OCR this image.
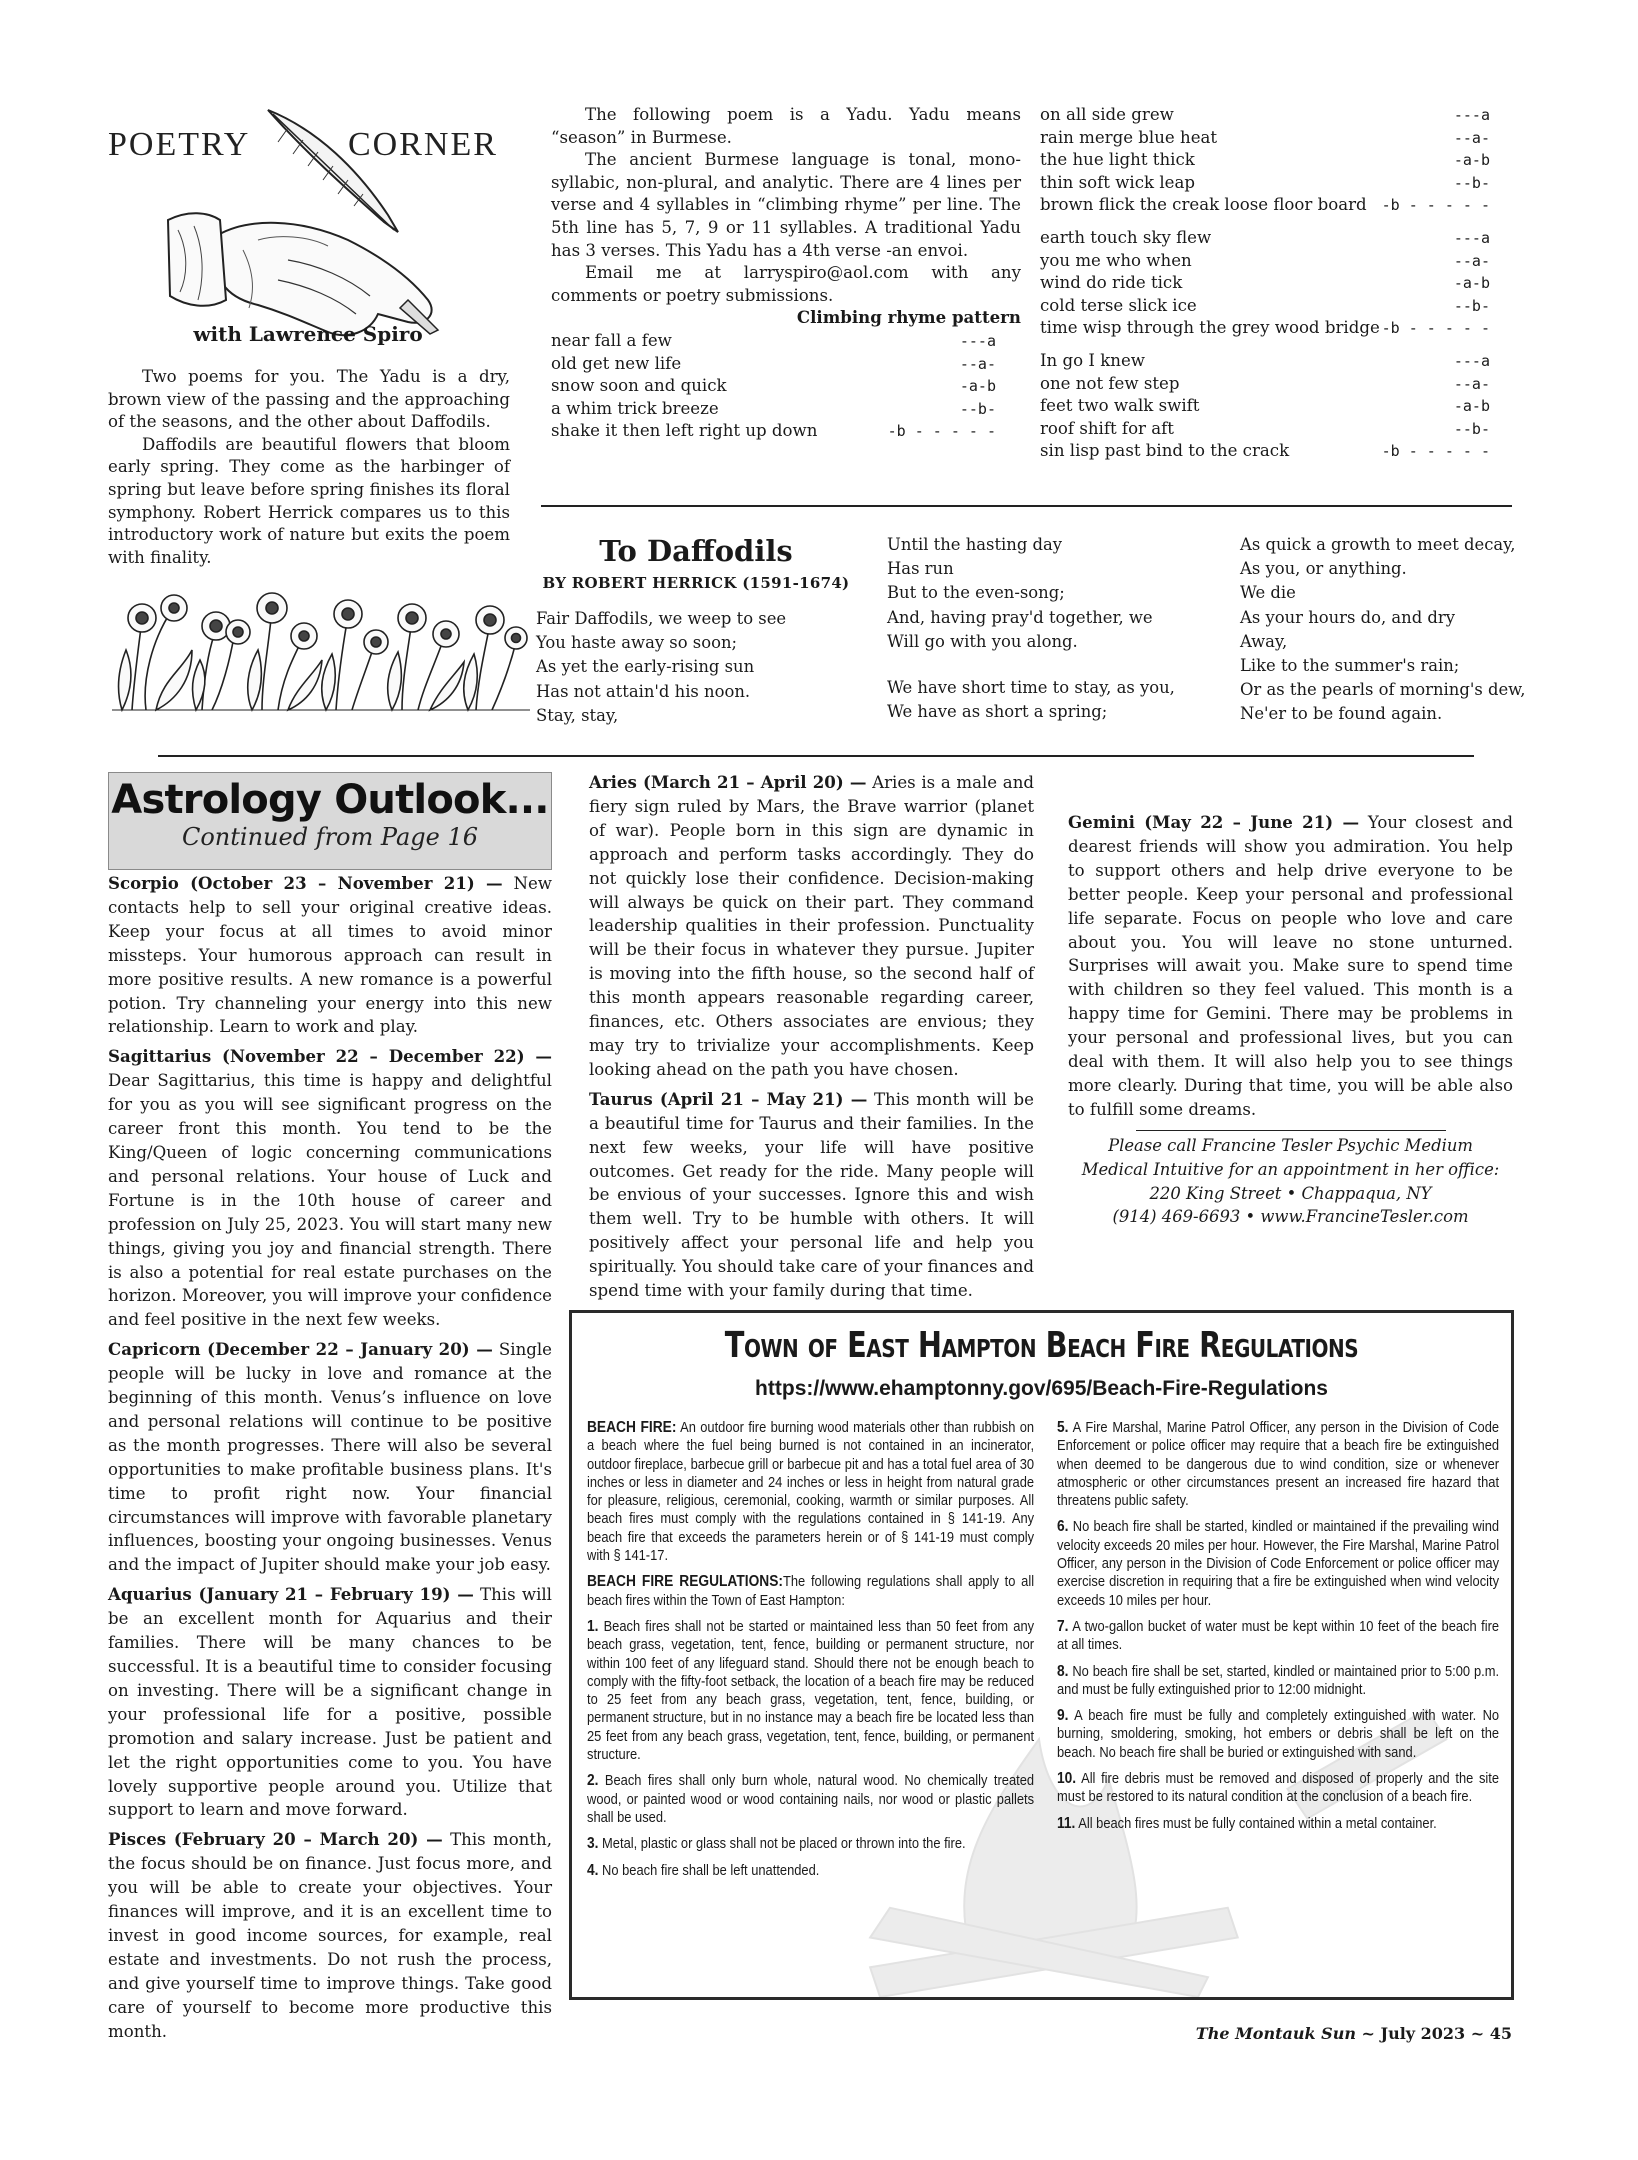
POETRY	CORNER
with Lawrence Spiro

Two poems for you. The Yadu is a dry, brown view of the passing and the approaching of the seasons, and the other about Daffodils.

Daffodils are beautiful flowers that bloom early spring. They come as the harbinger of spring but leave before spring finishes its floral symphony. Robert Herrick compares us to this introductory work of nature but exits the poem with finality.

The following poem is a Yadu. Yadu means “season” in Burmese.

The ancient Burmese language is tonal, mono-syllabic, non-plural, and analytic. There are 4 lines per verse and 4 syllables in “climbing rhyme” per line. The 5th line has 5, 7, 9 or 11 syllables. A traditional Yadu has 3 verses. This Yadu has a 4th verse -an envoi.

Email me at larryspiro@aol.com with any comments or poetry submissions.

Climbing rhyme pattern
near fall a few	---a
old get new life	--a-
snow soon and quick	-a-b
a whim trick breeze	--b-
shake it then left right up down	-b - - - - -
on all side grew	---a
rain merge blue heat	--a-
the hue light thick	-a-b
thin soft wick leap	--b-
brown flick the creak loose floor board -b - - - - -
earth touch sky flew	---a
you me who when	--a-
wind do ride tick	-a-b
cold terse slick ice	--b-
time wisp through the grey wood bridge -b - - - - -
In go I knew	---a
one not few step	--a-
feet two walk swift	-a-b
roof shift for aft	--b-
sin lisp past bind to the crack	-b - - - - -
To Daffodils
BY ROBERT HERRICK (1591-1674)
Fair Daffodils, we weep to see
You haste away so soon;
As yet the early-rising sun
Has not attain'd his noon.
Stay, stay,
Until the hasting day
Has run
But to the even-song;
And, having pray'd together, we
Will go with you along.
We have short time to stay, as you,
We have as short a spring;
As quick a growth to meet decay,
As you, or anything.
We die
As your hours do, and dry
Away,
Like to the summer's rain;
Or as the pearls of morning's dew,
Ne'er to be found again.
Astrology Outlook...
Continued from Page 16

Scorpio (October 23 – November 21) — New contacts help to sell your original creative ideas. Keep your focus at all times to avoid minor missteps. Your humorous approach can result in more positive results. A new romance is a powerful potion. Try channeling your energy into this new relationship. Learn to work and play.

Sagittarius (November 22 – December 22) — Dear Sagittarius, this time is happy and delightful for you as you will see significant progress on the career front this month. You tend to be the King/Queen of logic concerning communications and personal relations. Your house of Luck and Fortune is in the 10th house of career and profession on July 25, 2023. You will start many new things, giving you joy and financial strength. There is also a potential for real estate purchases on the horizon. Moreover, you will improve your confidence and feel positive in the next few weeks.

Capricorn (December 22 – January 20) — Single people will be lucky in love and romance at the beginning of this month. Venus’s influence on love and personal relations will continue to be positive as the month progresses. There will also be several opportunities to make profitable business plans. It's time to profit right now. Your financial circumstances will improve with favorable planetary influences, boosting your ongoing businesses. Venus and the impact of Jupiter should make your job easy.

Aquarius (January 21 – February 19) — This will be an excellent month for Aquarius and their families. There will be many chances to be successful. It is a beautiful time to consider focusing on investing. There will be a significant change in your professional life for a positive, possible promotion and salary increase. Just be patient and let the right opportunities come to you. You have lovely supportive people around you. Utilize that support to learn and move forward.

Pisces (February 20 – March 20) — This month, the focus should be on finance. Just focus more, and you will be able to create your objectives. Your finances will improve, and it is an excellent time to invest in good income sources, for example, real estate and investments. Do not rush the process, and give yourself time to improve things. Take good care of yourself to become more productive this month.

Aries (March 21 – April 20) — Aries is a male and fiery sign ruled by Mars, the Brave warrior (planet of war). People born in this sign are dynamic in approach and perform tasks accordingly. They do not quickly lose their confidence. Decision-making will always be quick on their part. They command leadership qualities in their profession. Punctuality will be their focus in whatever they pursue. Jupiter is moving into the fifth house, so the second half of this month appears reasonable regarding career, finances, etc. Others associates are envious; they may try to trivialize your accomplishments. Keep looking ahead on the path you have chosen.

Taurus (April 21 – May 21) — This month will be a beautiful time for Taurus and their families. In the next few weeks, your life will have positive outcomes. Get ready for the ride. Many people will be envious of your successes. Ignore this and wish them well. Try to be humble with others. It will positively affect your personal life and help you spiritually. You should take care of your finances and spend time with your family during that time.

Gemini (May 22 – June 21) — Your closest and dearest friends will show you admiration. You help to support others and help drive everyone to be better people. Keep your personal and professional life separate. Focus on people who love and care about you. You will leave no stone unturned. Surprises will await you. Make sure to spend time with children so they feel valued. This month is a happy time for Gemini. There may be problems in your personal and professional lives, but you can deal with them. It will also help you to see things more clearly. During that time, you will be able also to fulfill some dreams.

Please call Francine Tesler Psychic Medium
Medical Intuitive for an appointment in her office:
220 King Street • Chappaqua, NY
(914) 469-6693 • www.FrancineTesler.com
Town of East Hampton Beach Fire Regulations
https://www.ehamptonny.gov/695/Beach-Fire-Regulations

BEACH FIRE: An outdoor fire burning wood materials other than rubbish on a beach where the fuel being burned is not contained in an incinerator, outdoor fireplace, barbecue grill or barbecue pit and has a total fuel area of 30 inches or less in diameter and 24 inches or less in height from natural grade for pleasure, religious, ceremonial, cooking, warmth or similar purposes. All beach fires must comply with the regulations contained in § 141-19. Any beach fire that exceeds the parameters herein or of § 141-19 must comply with § 141-17.

BEACH FIRE REGULATIONS:The following regulations shall apply to all beach fires within the Town of East Hampton:

1. Beach fires shall not be started or maintained less than 50 feet from any beach grass, vegetation, tent, fence, building or permanent structure, nor within 100 feet of any lifeguard stand. Should there not be enough beach to comply with the fifty-foot setback, the location of a beach fire may be reduced to 25 feet from any beach grass, vegetation, tent, fence, building, or permanent structure, but in no instance may a beach fire be located less than 25 feet from any beach grass, vegetation, tent, fence, building, or permanent structure.

2. Beach fires shall only burn whole, natural wood. No chemically treated wood, or painted wood or wood containing nails, nor wood or plastic pallets shall be used.

3. Metal, plastic or glass shall not be placed or thrown into the fire.

4. No beach fire shall be left unattended.

5. A Fire Marshal, Marine Patrol Officer, any person in the Division of Code Enforcement or police officer may require that a beach fire be extinguished when deemed to be dangerous due to wind condition, size or whenever atmospheric or other circumstances present an increased fire hazard that threatens public safety.

6. No beach fire shall be started, kindled or maintained if the prevailing wind velocity exceeds 20 miles per hour. However, the Fire Marshal, Marine Patrol Officer, any person in the Division of Code Enforcement or police officer may exercise discretion in requiring that a fire be extinguished when wind velocity exceeds 10 miles per hour.

7. A two-gallon bucket of water must be kept within 10 feet of the beach fire at all times.

8. No beach fire shall be set, started, kindled or maintained prior to 5:00 p.m. and must be fully extinguished prior to 12:00 midnight.

9. A beach fire must be fully and completely extinguished with water. No burning, smoldering, smoking, hot embers or debris shall be left on the beach. No beach fire shall be buried or extinguished with sand.

10. All fire debris must be removed and disposed of properly and the site must be restored to its natural condition at the conclusion of a beach fire.

11. All beach fires must be fully contained within a metal container.

The Montauk Sun ~ July 2023 ~ 45
